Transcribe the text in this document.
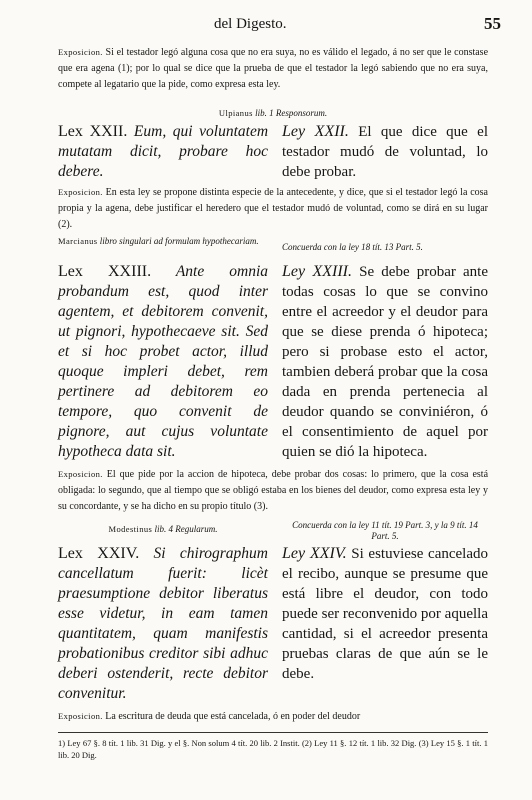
del Digesto.	55
Exposicion. Si el testador legó alguna cosa que no era suya, no es válido el legado, á no ser que le constase que era agena (1); por lo qual se dice que la prueba de que el testador la legó sabiendo que no era suya, compete al legatario que la pide, como expresa esta ley.
Ulpianus lib. 1 Responsorum.
Lex XXII. Eum, qui voluntatem mutatam dicit, probare hoc debere.
Ley XXII. El que dice que el testador mudó de voluntad, lo debe probar.
Exposicion. En esta ley se propone distinta especie de la antecedente, y dice, que si el testador legó la cosa propia y la agena, debe justificar el heredero que el testador mudó de voluntad, como se dirá en su lugar (2).
Marcianus libro singulari ad formulam hypothecariam.
Concuerda con la ley 18 tít. 13 Part. 5.
Lex XXIII. Ante omnia probandum est, quod inter agentem, et debitorem convenit, ut pignori, hypothecaeve sit. Sed et si hoc probet actor, illud quoque impleri debet, rem pertinere ad debitorem eo tempore, quo convenit de pignore, aut cujus voluntate hypotheca data sit.
Ley XXIII. Se debe probar ante todas cosas lo que se convino entre el acreedor y el deudor para que se diese prenda ó hipoteca; pero si probase esto el actor, tambien deberá probar que la cosa dada en prenda pertenecia al deudor quando se conviniéron, ó el consentimiento de aquel por quien se dió la hipoteca.
Exposicion. El que pide por la accion de hipoteca, debe probar dos cosas: lo primero, que la cosa está obligada: lo segundo, que al tiempo que se obligó estaba en los bienes del deudor, como expresa esta ley y su concordante, y se ha dicho en su propio título (3).
Modestinus lib. 4 Regularum.	Concuerda con la ley 11 tít. 19 Part. 3, y la 9 tít. 14 Part. 5.
Lex XXIV. Si chirographum cancellatum fuerit: licèt praesumptione debitor liberatus esse videtur, in eam tamen quantitatem, quam manifestis probationibus creditor sibi adhuc deberi ostenderit, recte debitor convenitur.
Ley XXIV. Si estuviese cancelado el recibo, aunque se presume que está libre el deudor, con todo puede ser reconvenido por aquella cantidad, si el acreedor presenta pruebas claras de que aún se le debe.
Exposicion. La escritura de deuda que está cancelada, ó en poder del deudor
1) Ley 67 §. 8 tít. 1 lib. 31 Dig. y el §. Non solum 4 tít. 20 lib. 2 Instit. (2) Ley 11 §. 12 tít. 1 lib. 32 Dig. (3) Ley 15 §. 1 tít. 1 lib. 20 Dig.
